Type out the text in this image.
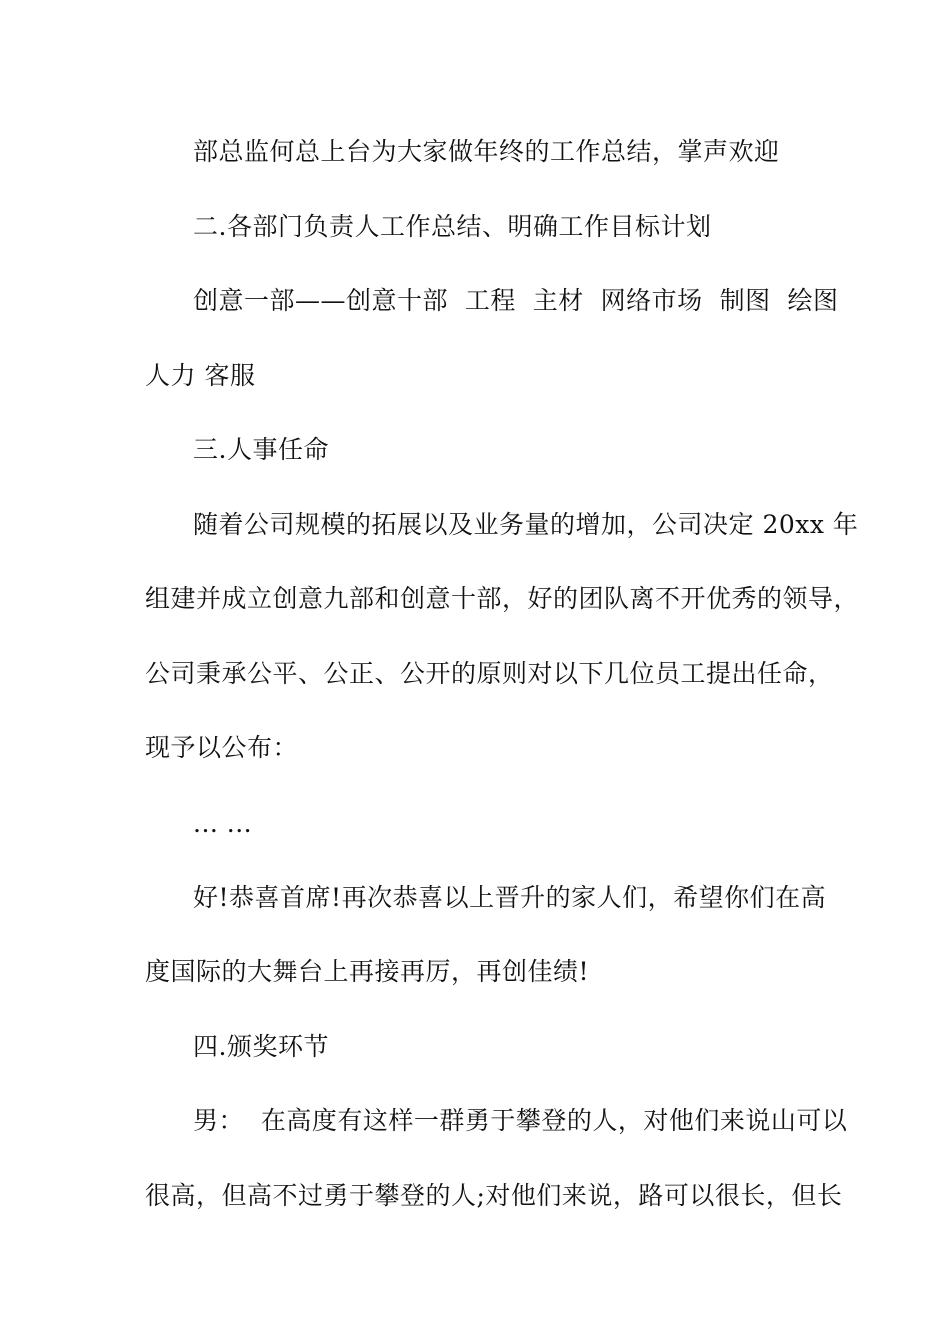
部总监何总上台为大家做年终的工作总结，掌声欢迎
二.各部门负责人工作总结、明确工作目标计划
创意一部——创意十部  工程  主材  网络市场  制图  绘图
人力 客服
三.人事任命
随着公司规模的拓展以及业务量的增加，公司决定 20xx 年
组建并成立创意九部和创意十部，好的团队离不开优秀的领导，
公司秉承公平、公正、公开的原则对以下几位员工提出任命，
现予以公布：
... ...
好!恭喜首席!再次恭喜以上晋升的家人们，希望你们在高
度国际的大舞台上再接再厉，再创佳绩!
四.颁奖环节
男：  在高度有这样一群勇于攀登的人，对他们来说山可以
很高，但高不过勇于攀登的人;对他们来说，路可以很长，但长
